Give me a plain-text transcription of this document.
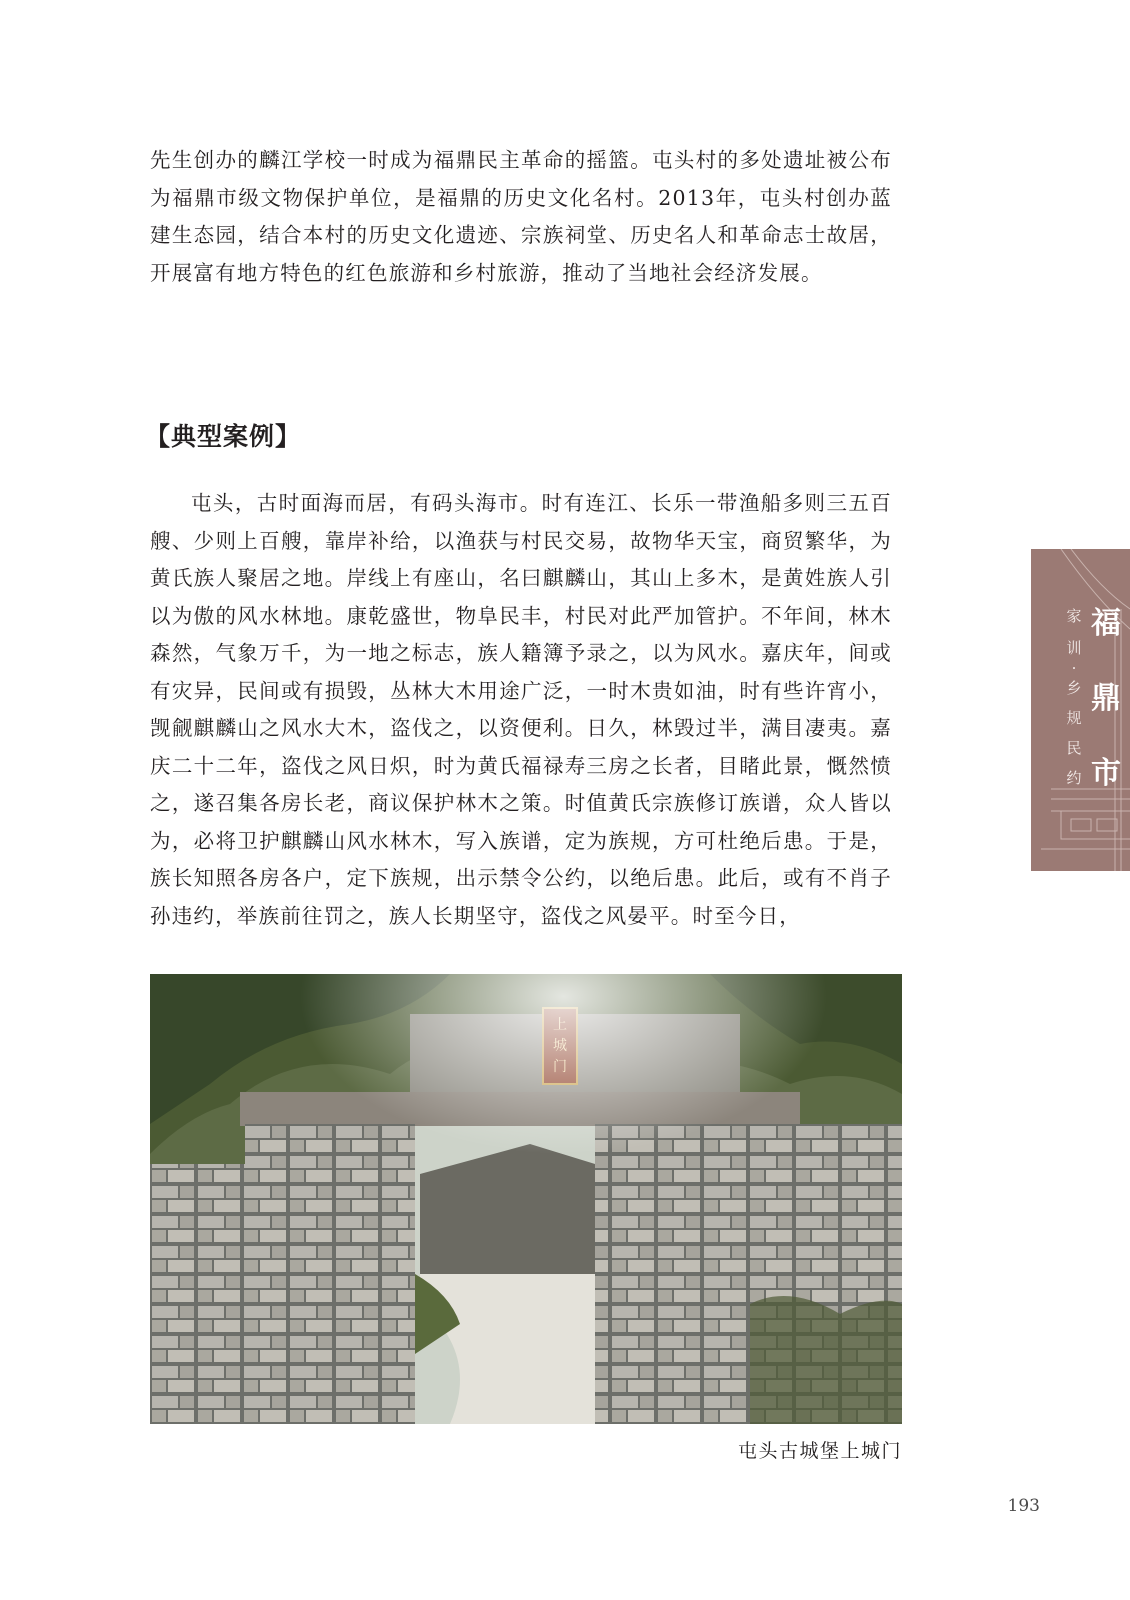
先生创办的麟江学校一时成为福鼎民主革命的摇篮。屯头村的多处遗址被公布为福鼎市级文物保护单位，是福鼎的历史文化名村。2013年，屯头村创办蓝建生态园，结合本村的历史文化遗迹、宗族祠堂、历史名人和革命志士故居，开展富有地方特色的红色旅游和乡村旅游，推动了当地社会经济发展。

【典型案例】

屯头，古时面海而居，有码头海市。时有连江、长乐一带渔船多则三五百艘、少则上百艘，靠岸补给，以渔获与村民交易，故物华天宝，商贸繁华，为黄氏族人聚居之地。岸线上有座山，名曰麒麟山，其山上多木，是黄姓族人引以为傲的风水林地。康乾盛世，物阜民丰，村民对此严加管护。不年间，林木森然，气象万千，为一地之标志，族人籍簿予录之，以为风水。嘉庆年，间或有灾异，民间或有损毁，丛林大木用途广泛，一时木贵如油，时有些许宵小，觊觎麒麟山之风水大木，盗伐之，以资便利。日久，林毁过半，满目凄夷。嘉庆二十二年，盗伐之风日炽，时为黄氏福禄寿三房之长者，目睹此景，慨然愤之，遂召集各房长老，商议保护林木之策。时值黄氏宗族修订族谱，众人皆以为，必将卫护麒麟山风水林木，写入族谱，定为族规，方可杜绝后患。于是，族长知照各房各户，定下族规，出示禁令公约，以绝后患。此后，或有不肖子孙违约，举族前往罚之，族人长期坚守，盗伐之风晏平。时至今日，

福
鼎
市
家
训
·
乡
规
民
约
屯头古城堡上城门
193
